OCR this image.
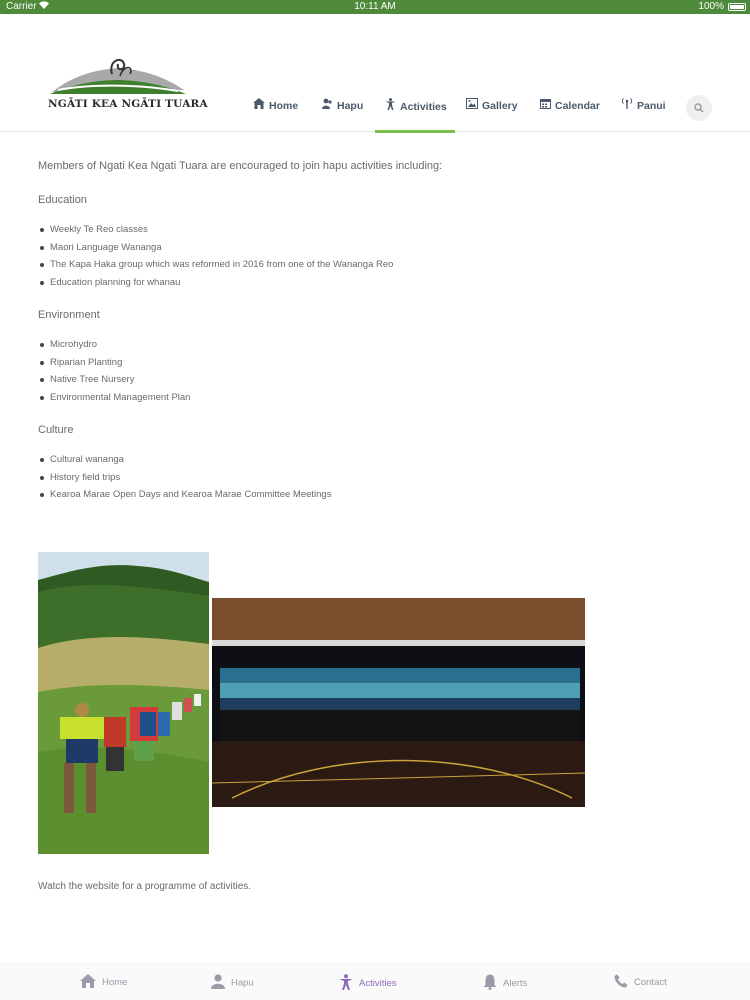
Carrier	10:11 AM	100%
NGĀTI KEA NGĀTI TUARA	Home	Hapu	Activities	Gallery	Calendar	Panui
Members of Ngati Kea Ngati Tuara are encouraged to join hapu activities including:
Education
Weekly Te Reo classes
Maori Language Wananga
The Kapa Haka group which was reformed in 2016 from one of the Wananga Reo
Education planning for whanau
Environment
Microhydro
Riparian Planting
Native Tree Nursery
Environmental Management Plan
Culture
Cultural wananga
History field trips
Kearoa Marae Open Days and Kearoa Marae Committee Meetings
Watch the website for a programme of activities.
Home	Hapu	Activities	Alerts	Contact
